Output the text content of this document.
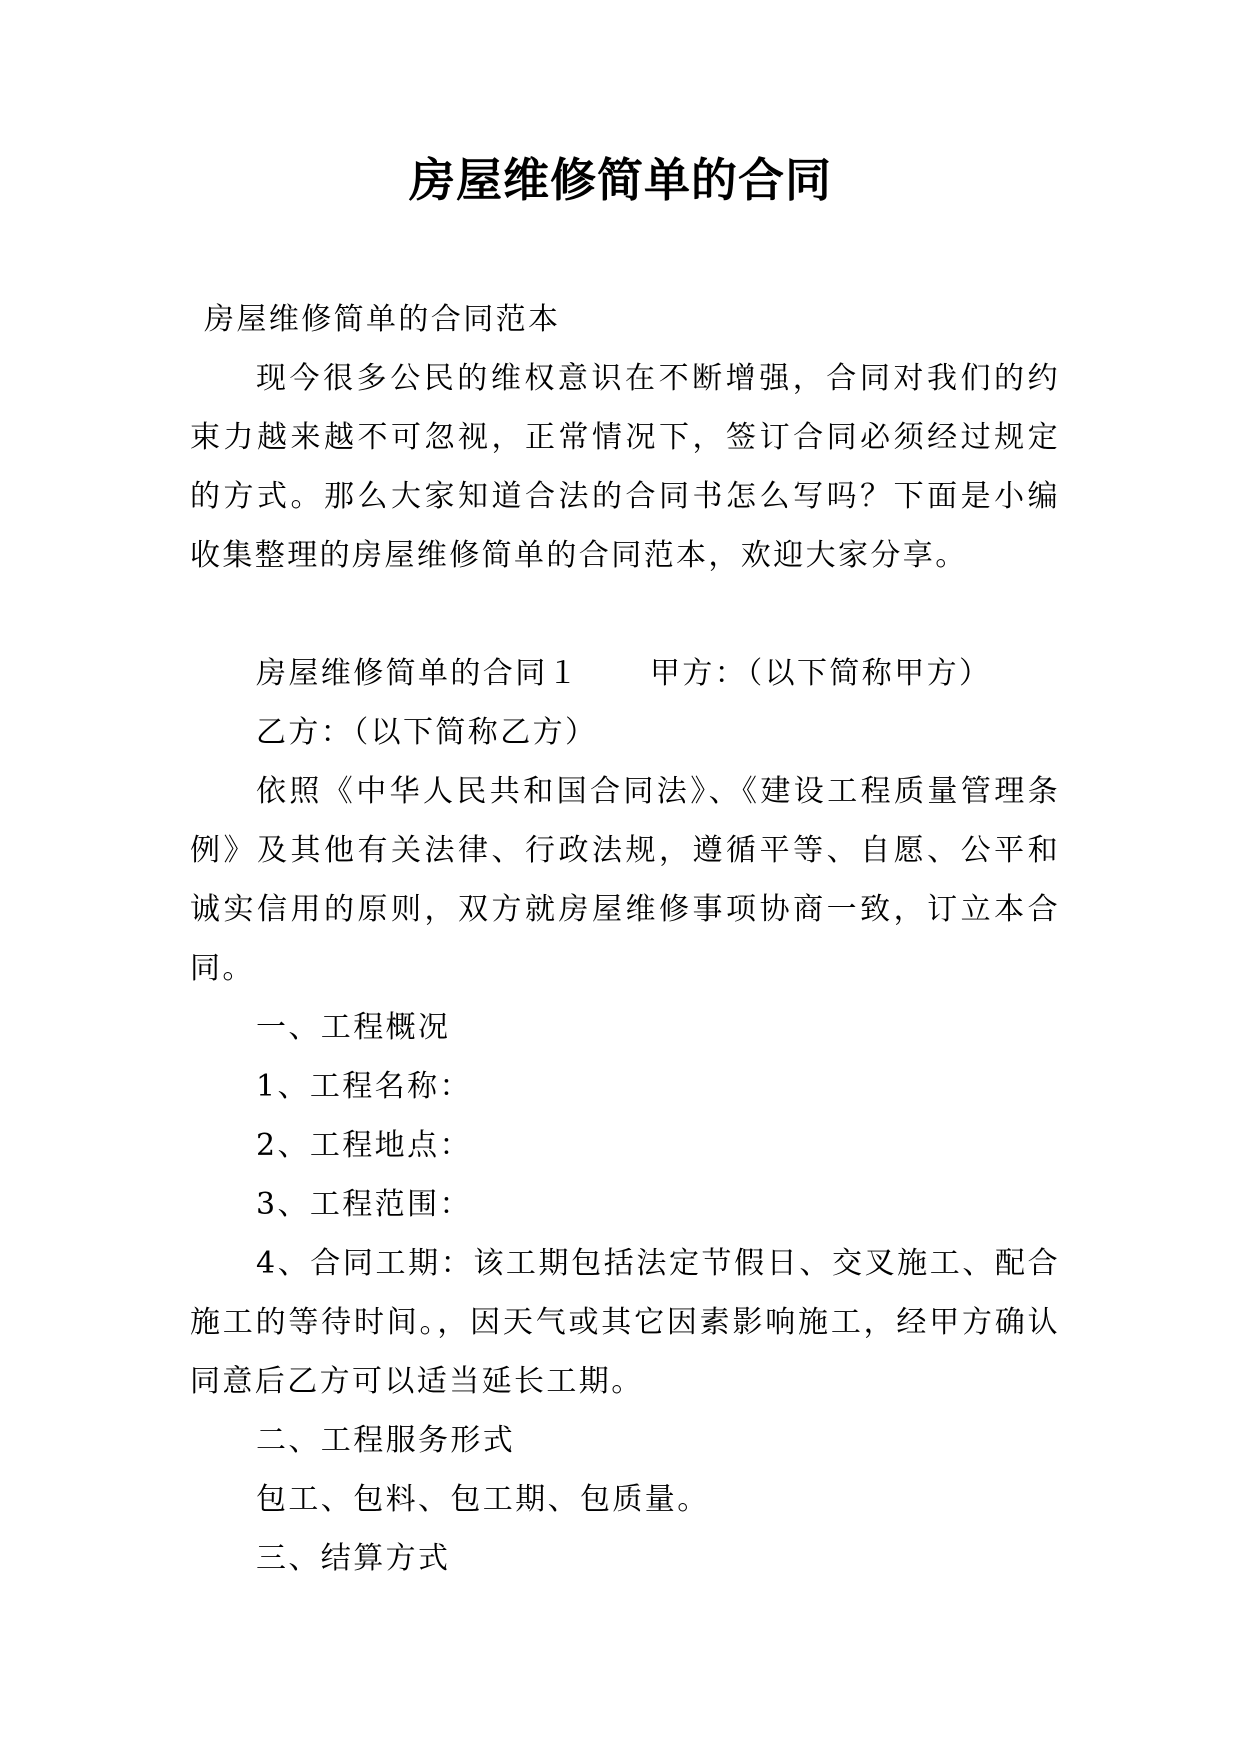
房屋维修简单的合同

房屋维修简单的合同范本

现今很多公民的维权意识在不断增强，合同对我们的约束力越来越不可忽视，正常情况下，签订合同必须经过规定的方式。那么大家知道合法的合同书怎么写吗？下面是小编收集整理的房屋维修简单的合同范本，欢迎大家分享。

房屋维修简单的合同１ 甲方：（以下简称甲方）

乙方：（以下简称乙方）

依照《中华人民共和国合同法》、《建设工程质量管理条例》及其他有关法律、行政法规，遵循平等、自愿、公平和诚实信用的原则，双方就房屋维修事项协商一致，订立本合同。

一、工程概况

1、工程名称：

2、工程地点：

3、工程范围：

4、合同工期：该工期包括法定节假日、交叉施工、配合施工的等待时间。，因天气或其它因素影响施工，经甲方确认同意后乙方可以适当延长工期。

二、工程服务形式

包工、包料、包工期、包质量。

三、结算方式
